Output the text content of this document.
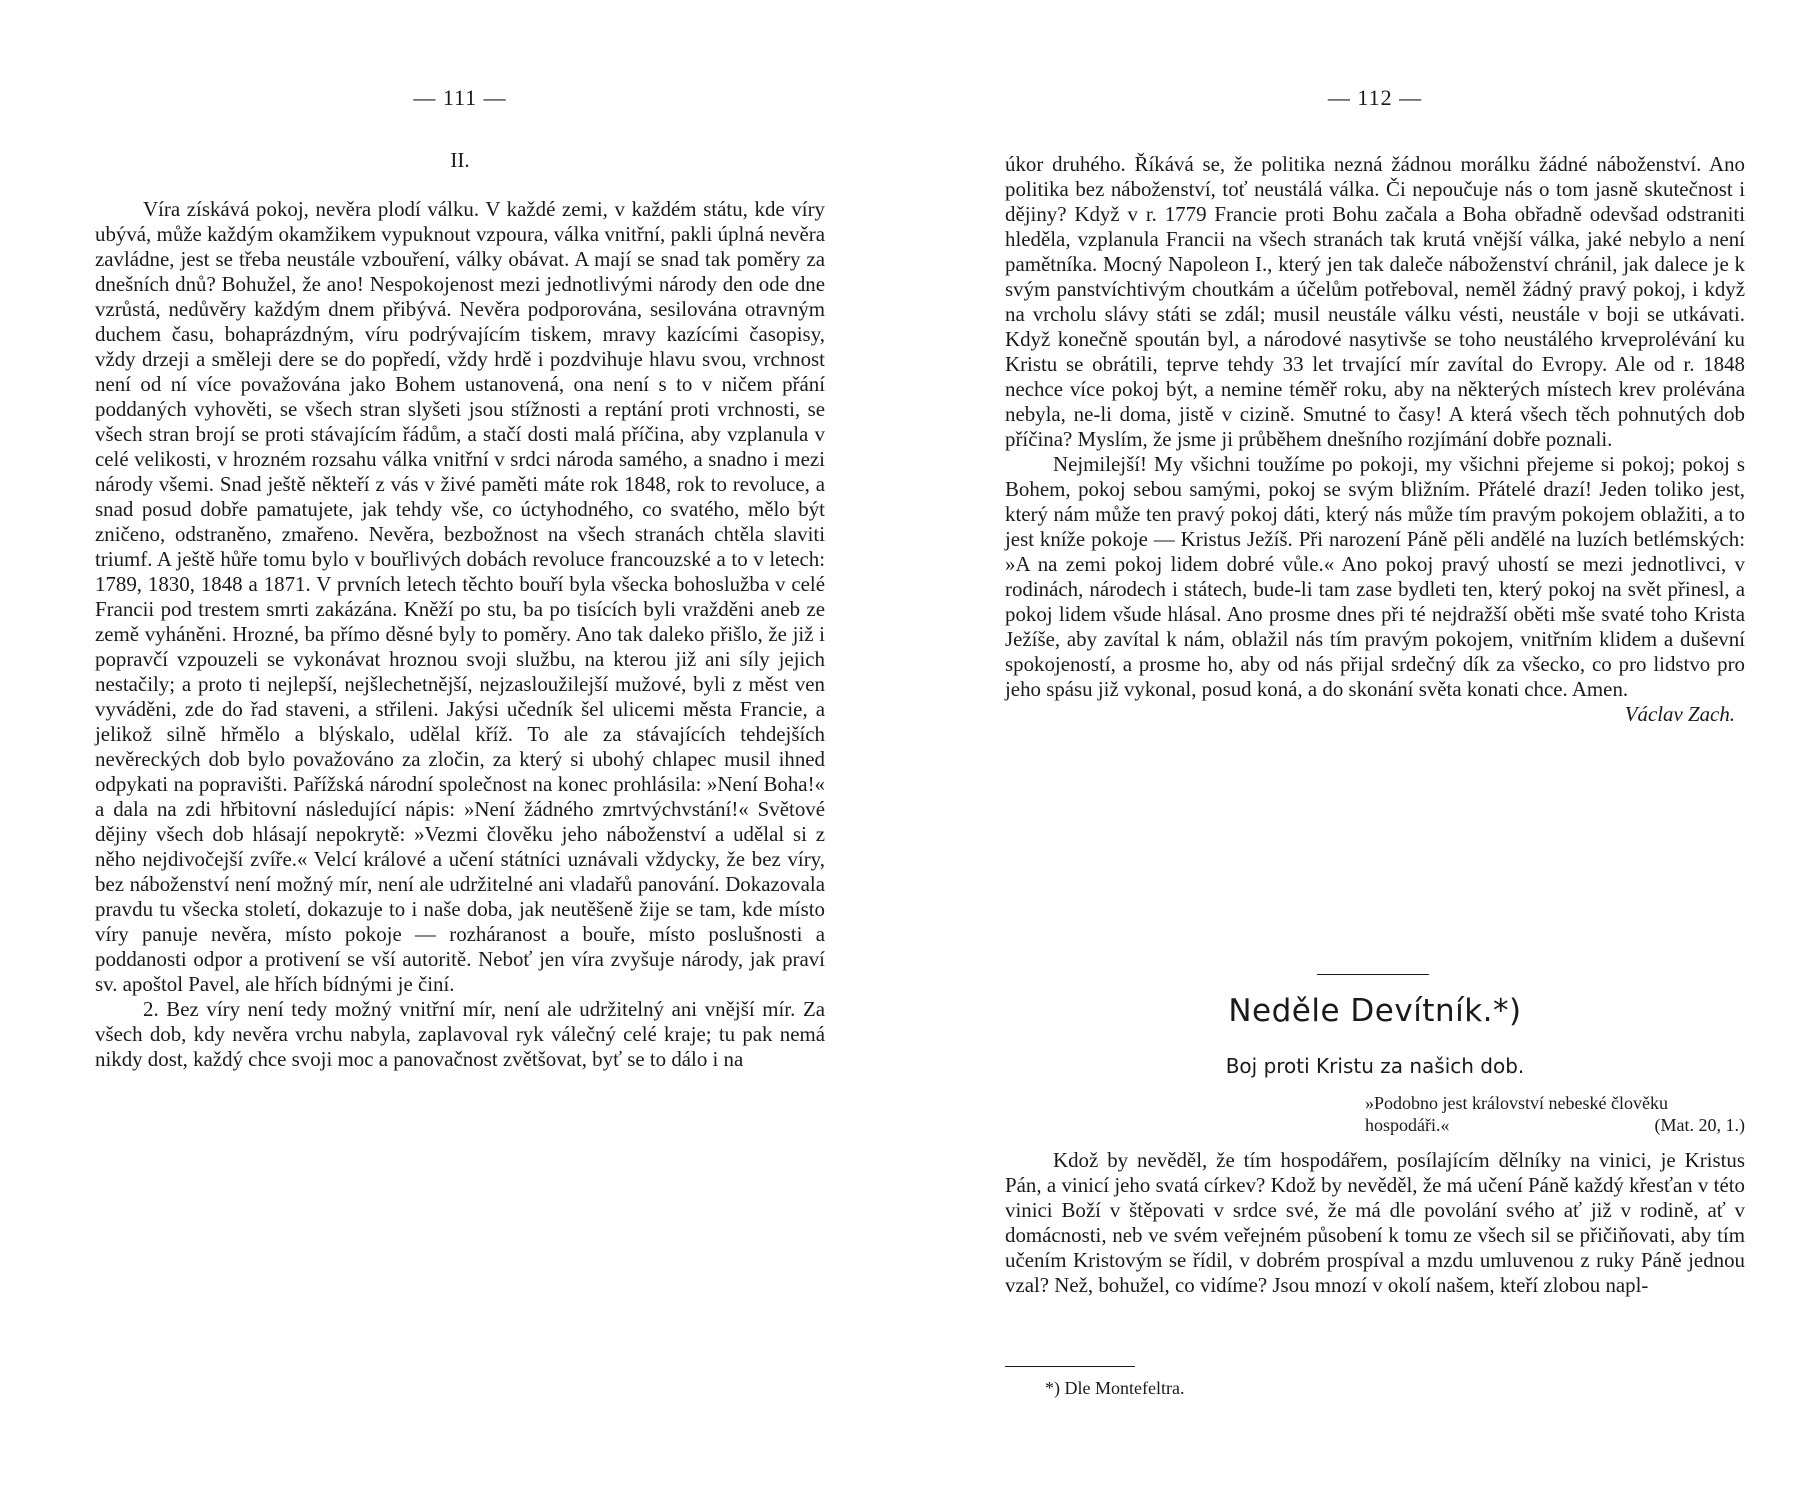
— 111 —
II.

Víra získává pokoj, nevěra plodí válku. V každé zemi, v každém státu, kde víry ubývá, může každým okamžikem vypuknout vzpoura, válka vnitřní, pakli úplná nevěra zavládne, jest se třeba neustále vzbouření, války obávat. A mají se snad tak poměry za dnešních dnů? Bohužel, že ano! Nespokojenost mezi jednotlivými národy den ode dne vzrůstá, nedůvěry každým dnem přibývá. Nevěra podporována, sesilována otravným duchem času, bohaprázdným, víru podrývajícím tiskem, mravy kazícími časopisy, vždy drzeji a směleji dere se do popředí, vždy hrdě i pozdvihuje hlavu svou, vrchnost není od ní více považována jako Bohem ustanovená, ona není s to v ničem přání poddaných vyhověti, se všech stran slyšeti jsou stížnosti a reptání proti vrchnosti, se všech stran brojí se proti stávajícím řádům, a stačí dosti malá příčina, aby vzplanula v celé velikosti, v hrozném rozsahu válka vnitřní v srdci národa samého, a snadno i mezi národy všemi. Snad ještě někteří z vás v živé paměti máte rok 1848, rok to revoluce, a snad posud dobře pamatujete, jak tehdy vše, co úctyhodného, co svatého, mělo být zničeno, odstraněno, zmařeno. Nevěra, bezbožnost na všech stranách chtěla slaviti triumf. A ještě hůře tomu bylo v bouřlivých dobách revoluce francouzské a to v letech: 1789, 1830, 1848 a 1871. V prvních letech těchto bouří byla všecka bohoslužba v celé Francii pod trestem smrti zakázána. Kněží po stu, ba po tisících byli vražděni aneb ze země vyháněni. Hrozné, ba přímo děsné byly to poměry. Ano tak daleko přišlo, že již i popravčí vzpouzeli se vykonávat hroznou svoji službu, na kterou již ani síly jejich nestačily; a proto ti nejlepší, nejšlechetnější, nejzasloužilejší mužové, byli z měst ven vyváděni, zde do řad staveni, a střileni. Jakýsi učedník šel ulicemi města Francie, a jelikož silně hřmělo a blýskalo, udělal kříž. To ale za stávajících tehdejších nevěreckých dob bylo považováno za zločin, za který si ubohý chlapec musil ihned odpykati na popravišti. Pařížská národní společnost na konec prohlásila: »Není Boha!« a dala na zdi hřbitovní následující nápis: »Není žádného zmrtvýchvstání!« Světové dějiny všech dob hlásají nepokrytě: »Vezmi člověku jeho náboženství a udělal si z něho nejdivočejší zvíře.« Velcí králové a učení státníci uznávali vždycky, že bez víry, bez náboženství není možný mír, není ale udržitelné ani vladařů panování. Dokazovala pravdu tu všecka století, dokazuje to i naše doba, jak neutěšeně žije se tam, kde místo víry panuje nevěra, místo pokoje — rozháranost a bouře, místo poslušnosti a poddanosti odpor a protivení se vší autoritě. Neboť jen víra zvyšuje národy, jak praví sv. apoštol Pavel, ale hřích bídnými je činí.

2. Bez víry není tedy možný vnitřní mír, není ale udržitelný ani vnější mír. Za všech dob, kdy nevěra vrchu nabyla, zaplavoval ryk válečný celé kraje; tu pak nemá nikdy dost, každý chce svoji moc a panovačnost zvětšovat, byť se to dálo i na

— 112 —

úkor druhého. Říkává se, že politika nezná žádnou morálku žádné náboženství. Ano politika bez náboženství, toť neustálá válka. Či nepoučuje nás o tom jasně skutečnost i dějiny? Když v r. 1779 Francie proti Bohu začala a Boha obřadně odevšad odstraniti hleděla, vzplanula Francii na všech stranách tak krutá vnější válka, jaké nebylo a není pamětníka. Mocný Napoleon I., který jen tak daleče náboženství chránil, jak dalece je k svým panstvíchtivým choutkám a účelům potřeboval, neměl žádný pravý pokoj, i když na vrcholu slávy státi se zdál; musil neustále válku vésti, neustále v boji se utkávati. Když konečně spoután byl, a národové nasytivše se toho neustálého krveprolévání ku Kristu se obrátili, teprve tehdy 33 let trvající mír zavítal do Evropy. Ale od r. 1848 nechce více pokoj být, a nemine téměř roku, aby na některých místech krev prolévána nebyla, ne-li doma, jistě v cizině. Smutné to časy! A která všech těch pohnutých dob příčina? Myslím, že jsme ji průběhem dnešního rozjímání dobře poznali.

Nejmilejší! My všichni toužíme po pokoji, my všichni přejeme si pokoj; pokoj s Bohem, pokoj sebou samými, pokoj se svým bližním. Přátelé drazí! Jeden toliko jest, který nám může ten pravý pokoj dáti, který nás může tím pravým pokojem oblažiti, a to jest kníže pokoje — Kristus Ježíš. Při narození Páně pěli andělé na luzích betlémských: »A na zemi pokoj lidem dobré vůle.« Ano pokoj pravý uhostí se mezi jednotlivci, v rodinách, národech i státech, bude-li tam zase bydleti ten, který pokoj na svět přinesl, a pokoj lidem všude hlásal. Ano prosme dnes při té nejdražší oběti mše svaté toho Krista Ježíše, aby zavítal k nám, oblažil nás tím pravým pokojem, vnitřním klidem a duševní spokojeností, a prosme ho, aby od nás přijal srdečný dík za všecko, co pro lidstvo pro jeho spásu již vykonal, posud koná, a do skonání světa konati chce. Amen.
Václav Zach.

Neděle Devítník.*)
Boj proti Kristu za našich dob.
»Podobno jest království nebeské člověku hospodáři.«	(Mat. 20, 1.)

Kdož by nevěděl, že tím hospodářem, posílajícím dělníky na vinici, je Kristus Pán, a vinicí jeho svatá církev? Kdož by nevěděl, že má učení Páně každý křesťan v této vinici Boží v štěpovati v srdce své, že má dle povolání svého ať již v rodině, ať v domácnosti, neb ve svém veřejném působení k tomu ze všech sil se přičiňovati, aby tím učením Kristovým se řídil, v dobrém prospíval a mzdu umluvenou z ruky Páně jednou vzal? Než, bohužel, co vidíme? Jsou mnozí v okolí našem, kteří zlobou napl-

*) Dle Montefeltra.
